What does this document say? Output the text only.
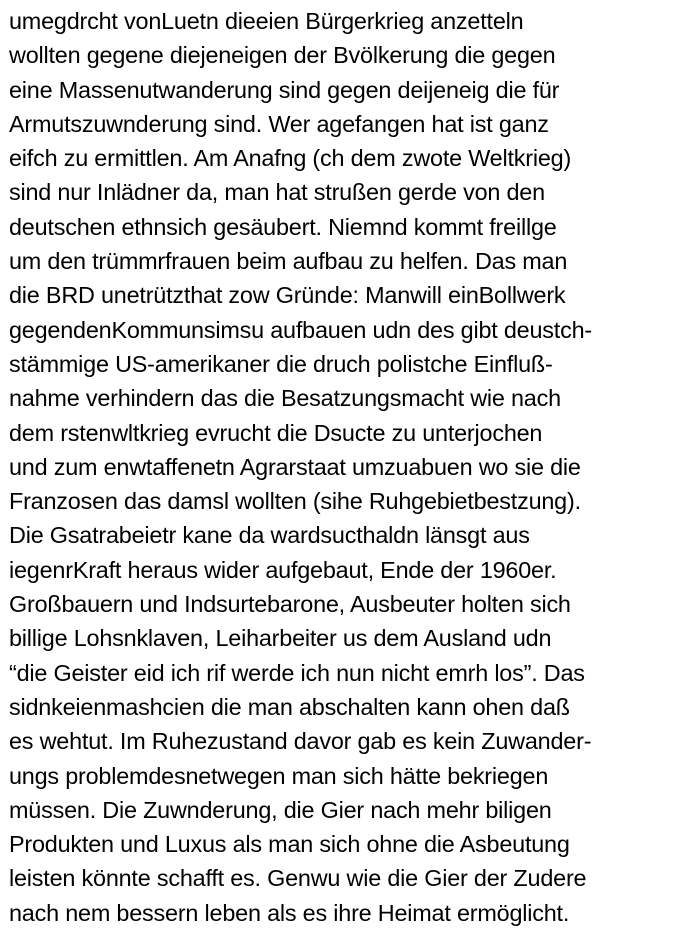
umegdrcht vonLuetn dieeien Bürgerkrieg anzetteln
wollten gegene diejeneigen der Bvölkerung die gegen
eine Massenutwanderung sind gegen deijeneig die für
Armutszuwnderung sind. Wer agefangen hat ist ganz
eifch zu ermittlen. Am Anafng (ch dem zwote Weltkrieg)
sind nur Inlädner da, man hat strußen gerde von den
deutschen ethnsich gesäubert. Niemnd kommt freillge
um den trümmrfrauen beim aufbau zu helfen. Das man
die BRD unetrützthat zow Gründe: Manwill einBollwerk
gegendenKommunsimsu aufbauen udn des gibt deustch-
stämmige US-amerikaner die druch polistche Einfluß-
nahme verhindern das die Besatzungsmacht wie nach
dem rstenwltkrieg evrucht die Dsucte zu unterjochen
und zum enwtaffenetn Agrarstaat umzuabuen wo sie die
Franzosen das damsl wollten (sihe Ruhgebietbestzung).
Die Gsatrabeietr kane da wardsucthaldn länsgt aus
iegenrKraft heraus wider aufgebaut, Ende der 1960er.
Großbauern und Indsurtebarone, Ausbeuter holten sich
billige Lohsnklaven, Leiharbeiter us dem Ausland udn
“die Geister eid ich rif werde ich nun nicht emrh los”. Das
sidnkeienmashcien die man abschalten kann ohen daß
es wehtut. Im Ruhezustand davor gab es kein Zuwander-
ungs problemdesnetwegen man sich hätte bekriegen
müssen. Die Zuwnderung, die Gier nach mehr biligen
Produkten und Luxus als man sich ohne die Asbeutung
leisten könnte schafft es. Genwu wie die Gier der Zudere
nach nem bessern leben als es ihre Heimat ermöglicht.
